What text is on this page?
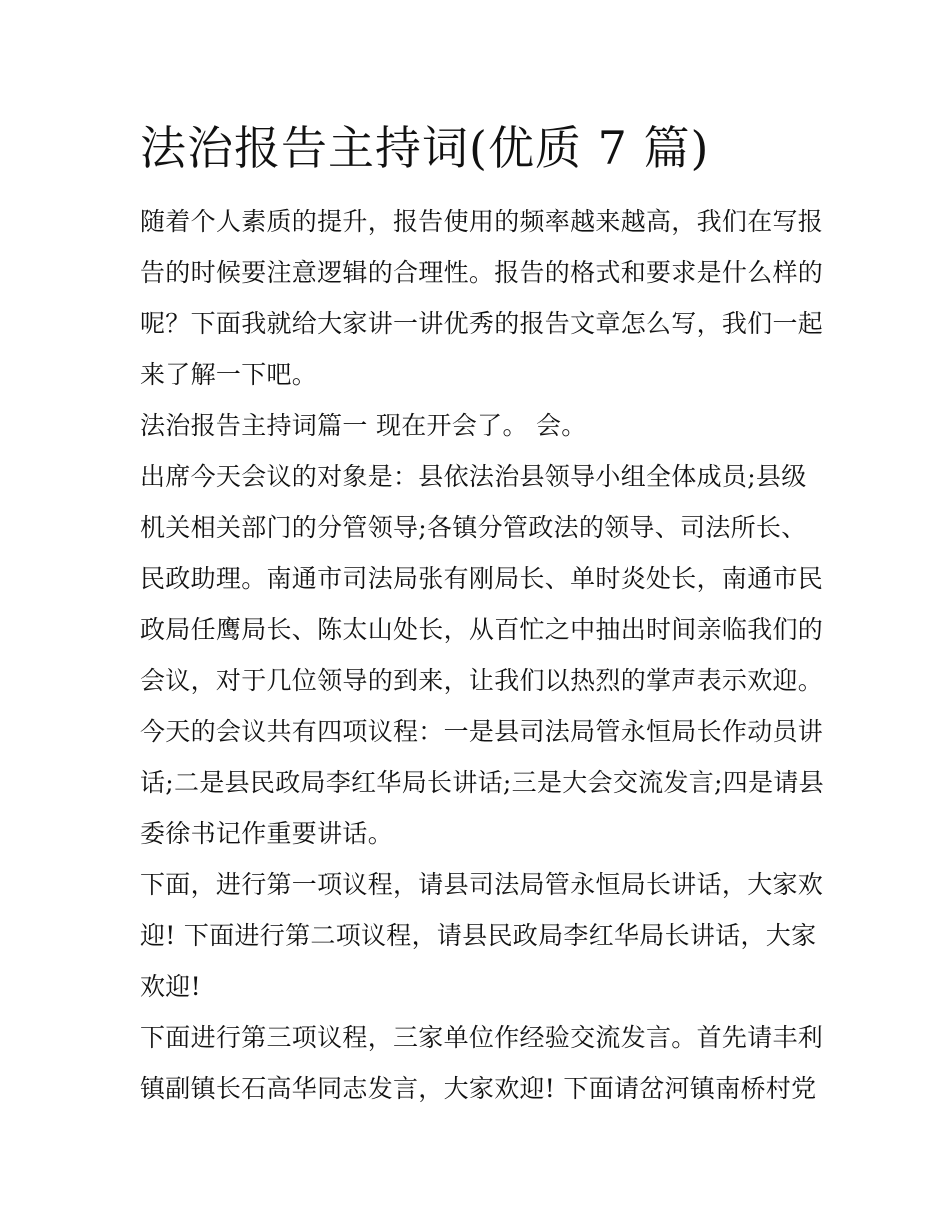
法治报告主持词(优质 7 篇)

随着个人素质的提升，报告使用的频率越来越高，我们在写报

告的时候要注意逻辑的合理性。报告的格式和要求是什么样的

呢？下面我就给大家讲一讲优秀的报告文章怎么写，我们一起

来了解一下吧。

法治报告主持词篇一 现在开会了。 会。

出席今天会议的对象是：县依法治县领导小组全体成员;县级

机关相关部门的分管领导;各镇分管政法的领导、司法所长、

民政助理。南通市司法局张有刚局长、单时炎处长，南通市民

政局任鹰局长、陈太山处长，从百忙之中抽出时间亲临我们的

会议，对于几位领导的到来，让我们以热烈的掌声表示欢迎。

今天的会议共有四项议程：一是县司法局管永恒局长作动员讲

话;二是县民政局李红华局长讲话;三是大会交流发言;四是请县

委徐书记作重要讲话。

下面，进行第一项议程，请县司法局管永恒局长讲话，大家欢

迎! 下面进行第二项议程，请县民政局李红华局长讲话，大家

欢迎!

下面进行第三项议程，三家单位作经验交流发言。首先请丰利

镇副镇长石高华同志发言，大家欢迎! 下面请岔河镇南桥村党
